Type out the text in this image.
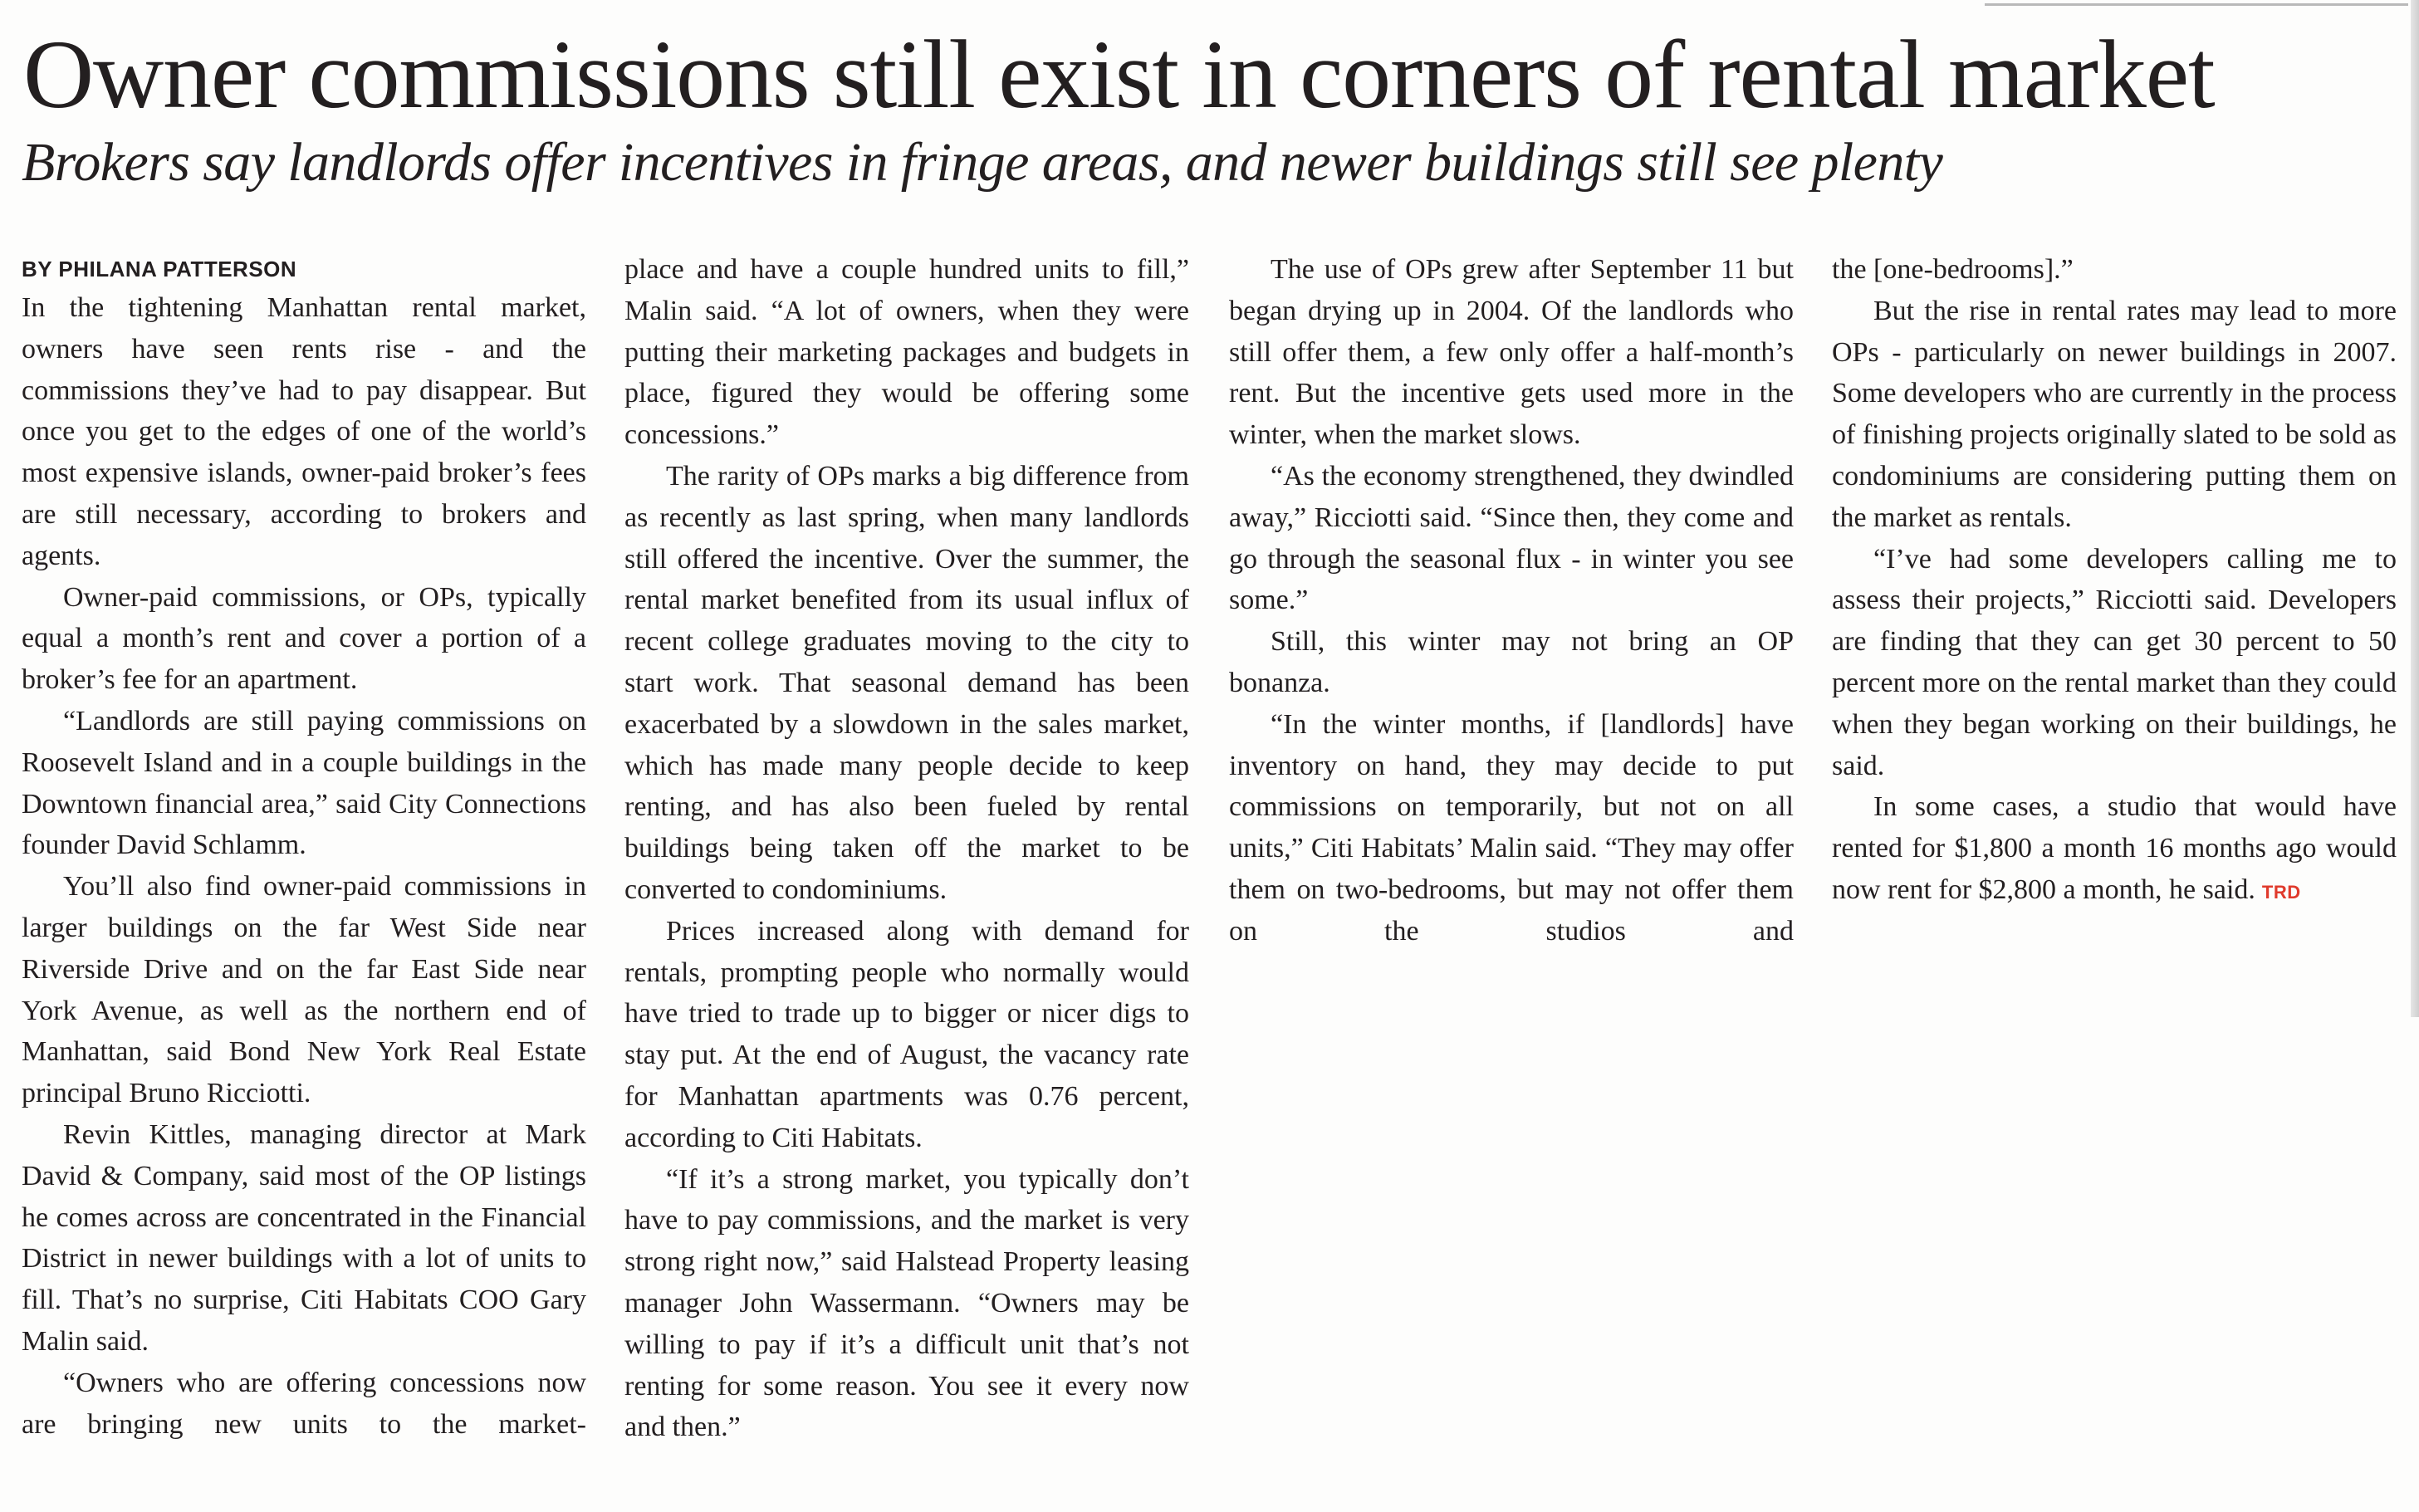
Owner commissions still exist in corners of rental market
Brokers say landlords offer incentives in fringe areas, and newer buildings still see plenty
BY PHILANA PATTERSON

In the tightening Manhattan rental market, owners have seen rents rise - and the commissions they’ve had to pay disappear. But once you get to the edges of one of the world’s most expensive islands, owner-paid broker’s fees are still necessary, according to brokers and agents.

Owner-paid commissions, or OPs, typically equal a month’s rent and cover a portion of a broker’s fee for an apartment.

“Landlords are still paying commissions on Roosevelt Island and in a couple buildings in the Downtown financial area,” said City Connections founder David Schlamm.

You’ll also find owner-paid commissions in larger buildings on the far West Side near Riverside Drive and on the far East Side near York Avenue, as well as the northern end of Manhattan, said Bond New York Real Estate principal Bruno Ricciotti.

Revin Kittles, managing director at Mark David & Company, said most of the OP listings he comes across are concentrated in the Financial District in newer buildings with a lot of units to fill. That’s no surprise, Citi Habitats COO Gary Malin said.

“Owners who are offering concessions now are bringing new units to the market-

place and have a couple hundred units to fill,” Malin said. “A lot of owners, when they were putting their marketing packages and budgets in place, figured they would be offering some concessions.”

The rarity of OPs marks a big difference from as recently as last spring, when many landlords still offered the incentive. Over the summer, the rental market benefited from its usual influx of recent college graduates moving to the city to start work. That seasonal demand has been exacerbated by a slowdown in the sales market, which has made many people decide to keep renting, and has also been fueled by rental buildings being taken off the market to be converted to condominiums.

Prices increased along with demand for rentals, prompting people who normally would have tried to trade up to bigger or nicer digs to stay put. At the end of August, the vacancy rate for Manhattan apartments was 0.76 percent, according to Citi Habitats.

“If it’s a strong market, you typically don’t have to pay commissions, and the market is very strong right now,” said Halstead Property leasing manager John Wassermann. “Owners may be willing to pay if it’s a difficult unit that’s not renting for some reason. You see it every now and then.”

The use of OPs grew after September 11 but began drying up in 2004. Of the landlords who still offer them, a few only offer a half-month’s rent. But the incentive gets used more in the winter, when the market slows.

“As the economy strengthened, they dwindled away,” Ricciotti said. “Since then, they come and go through the seasonal flux - in winter you see some.”

Still, this winter may not bring an OP bonanza.

“In the winter months, if [landlords] have inventory on hand, they may decide to put commissions on temporarily, but not on all units,” Citi Habitats’ Malin said. “They may offer them on two-bedrooms, but may not offer them on the studios and

the [one-bedrooms].”

But the rise in rental rates may lead to more OPs - particularly on newer buildings in 2007. Some developers who are currently in the process of finishing projects originally slated to be sold as condominiums are considering putting them on the market as rentals.

“I’ve had some developers calling me to assess their projects,” Ricciotti said. Developers are finding that they can get 30 percent to 50 percent more on the rental market than they could when they began working on their buildings, he said.

In some cases, a studio that would have rented for $1,800 a month 16 months ago would now rent for $2,800 a month, he said. TRD
